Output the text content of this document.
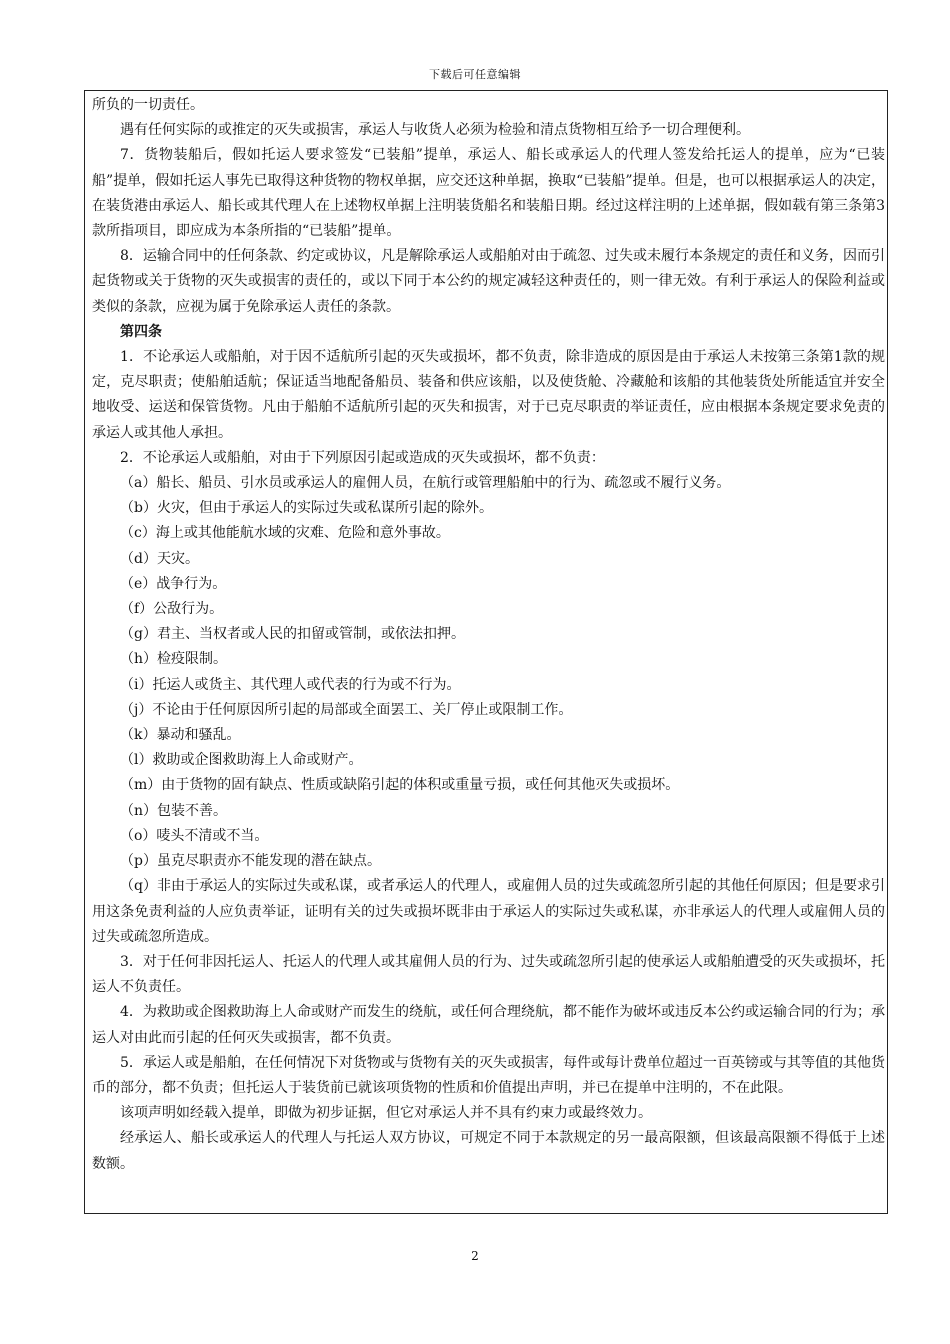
下载后可任意编辑

所负的一切责任。

遇有任何实际的或推定的灭失或损害，承运人与收货人必须为检验和清点货物相互给予一切合理便利。

7．货物装船后，假如托运人要求签发“已装船”提单，承运人、船长或承运人的代理人签发给托运人的提单，应为“已装船”提单，假如托运人事先已取得这种货物的物权单据，应交还这种单据，换取“已装船”提单。但是，也可以根据承运人的决定，在装货港由承运人、船长或其代理人在上述物权单据上注明装货船名和装船日期。经过这样注明的上述单据，假如载有第三条第3款所指项目，即应成为本条所指的“已装船”提单。

8．运输合同中的任何条款、约定或协议，凡是解除承运人或船舶对由于疏忽、过失或未履行本条规定的责任和义务，因而引起货物或关于货物的灭失或损害的责任的，或以下同于本公约的规定减轻这种责任的，则一律无效。有利于承运人的保险利益或类似的条款，应视为属于免除承运人责任的条款。

第四条

1．不论承运人或船舶，对于因不适航所引起的灭失或损坏，都不负责，除非造成的原因是由于承运人未按第三条第1款的规定，克尽职责；使船舶适航；保证适当地配备船员、装备和供应该船，以及使货舱、冷藏舱和该船的其他装货处所能适宜并安全地收受、运送和保管货物。凡由于船舶不适航所引起的灭失和损害，对于已克尽职责的举证责任，应由根据本条规定要求免责的承运人或其他人承担。

2．不论承运人或船舶，对由于下列原因引起或造成的灭失或损坏，都不负责：

（a）船长、船员、引水员或承运人的雇佣人员，在航行或管理船舶中的行为、疏忽或不履行义务。

（b）火灾，但由于承运人的实际过失或私谋所引起的除外。

（c）海上或其他能航水域的灾难、危险和意外事故。

（d）天灾。

（e）战争行为。

（f）公敌行为。

（g）君主、当权者或人民的扣留或管制，或依法扣押。

（h）检疫限制。

（i）托运人或货主、其代理人或代表的行为或不行为。

（j）不论由于任何原因所引起的局部或全面罢工、关厂停止或限制工作。

（k）暴动和骚乱。

（l）救助或企图救助海上人命或财产。

（m）由于货物的固有缺点、性质或缺陷引起的体积或重量亏损，或任何其他灭失或损坏。

（n）包装不善。

（o）唛头不清或不当。

（p）虽克尽职责亦不能发现的潜在缺点。

（q）非由于承运人的实际过失或私谋，或者承运人的代理人，或雇佣人员的过失或疏忽所引起的其他任何原因；但是要求引用这条免责利益的人应负责举证，证明有关的过失或损坏既非由于承运人的实际过失或私谋，亦非承运人的代理人或雇佣人员的过失或疏忽所造成。

3．对于任何非因托运人、托运人的代理人或其雇佣人员的行为、过失或疏忽所引起的使承运人或船舶遭受的灭失或损坏，托运人不负责任。

4．为救助或企图救助海上人命或财产而发生的绕航，或任何合理绕航，都不能作为破坏或违反本公约或运输合同的行为；承运人对由此而引起的任何灭失或损害，都不负责。

5．承运人或是船舶，在任何情况下对货物或与货物有关的灭失或损害，每件或每计费单位超过一百英镑或与其等值的其他货币的部分，都不负责；但托运人于装货前已就该项货物的性质和价值提出声明，并已在提单中注明的，不在此限。

该项声明如经载入提单，即做为初步证据，但它对承运人并不具有约束力或最终效力。

经承运人、船长或承运人的代理人与托运人双方协议，可规定不同于本款规定的另一最高限额，但该最高限额不得低于上述数额。

2
